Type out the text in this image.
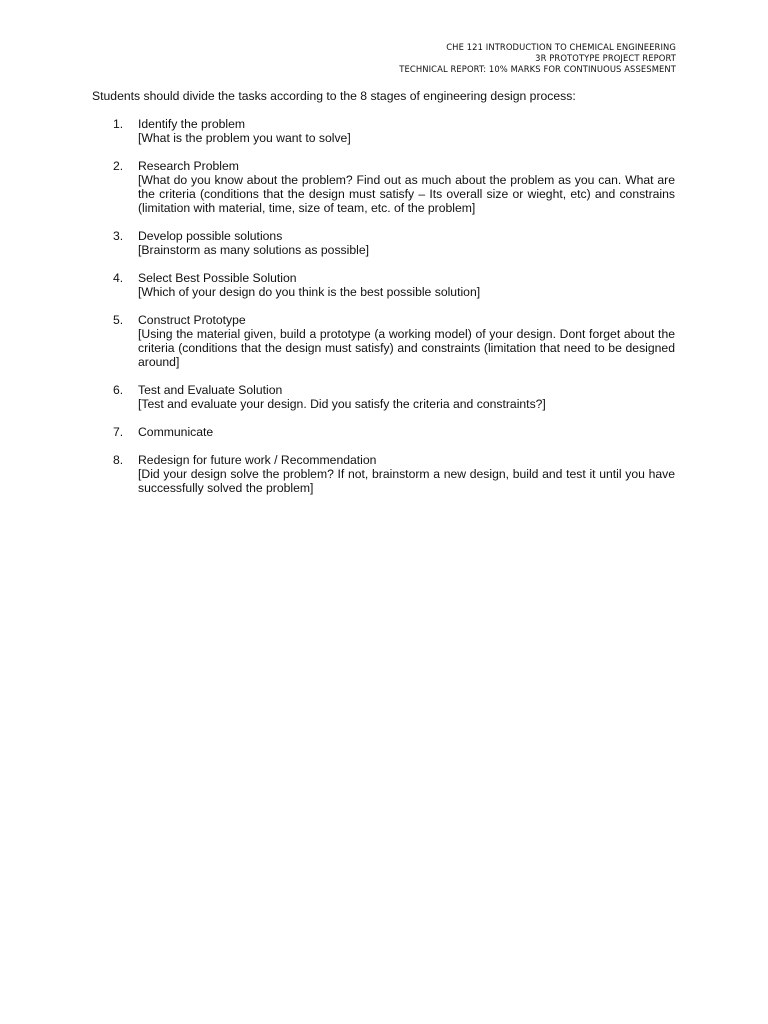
CHE 121 INTRODUCTION TO CHEMICAL ENGINEERING
3R PROTOTYPE PROJECT REPORT
TECHNICAL REPORT: 10% MARKS FOR CONTINUOUS ASSESMENT
Students should divide the tasks according to the 8 stages of engineering design process:
1. Identify the problem
[What is the problem you want to solve]
2. Research Problem
[What do you know about the problem? Find out as much about the problem as you can. What are the criteria (conditions that the design must satisfy – Its overall size or wieght, etc) and constrains (limitation with material, time, size of team, etc. of the problem]
3. Develop possible solutions
[Brainstorm as many solutions as possible]
4. Select Best Possible Solution
[Which of your design do you think is the best possible solution]
5. Construct Prototype
[Using the material given, build a prototype (a working model) of your design. Dont forget about the criteria (conditions that the design must satisfy) and constraints (limitation that need to be designed around]
6. Test and Evaluate Solution
[Test and evaluate your design. Did you satisfy the criteria and constraints?]
7. Communicate
8. Redesign for future work / Recommendation
[Did your design solve the problem? If not, brainstorm a new design, build and test it until you have successfully solved the problem]
